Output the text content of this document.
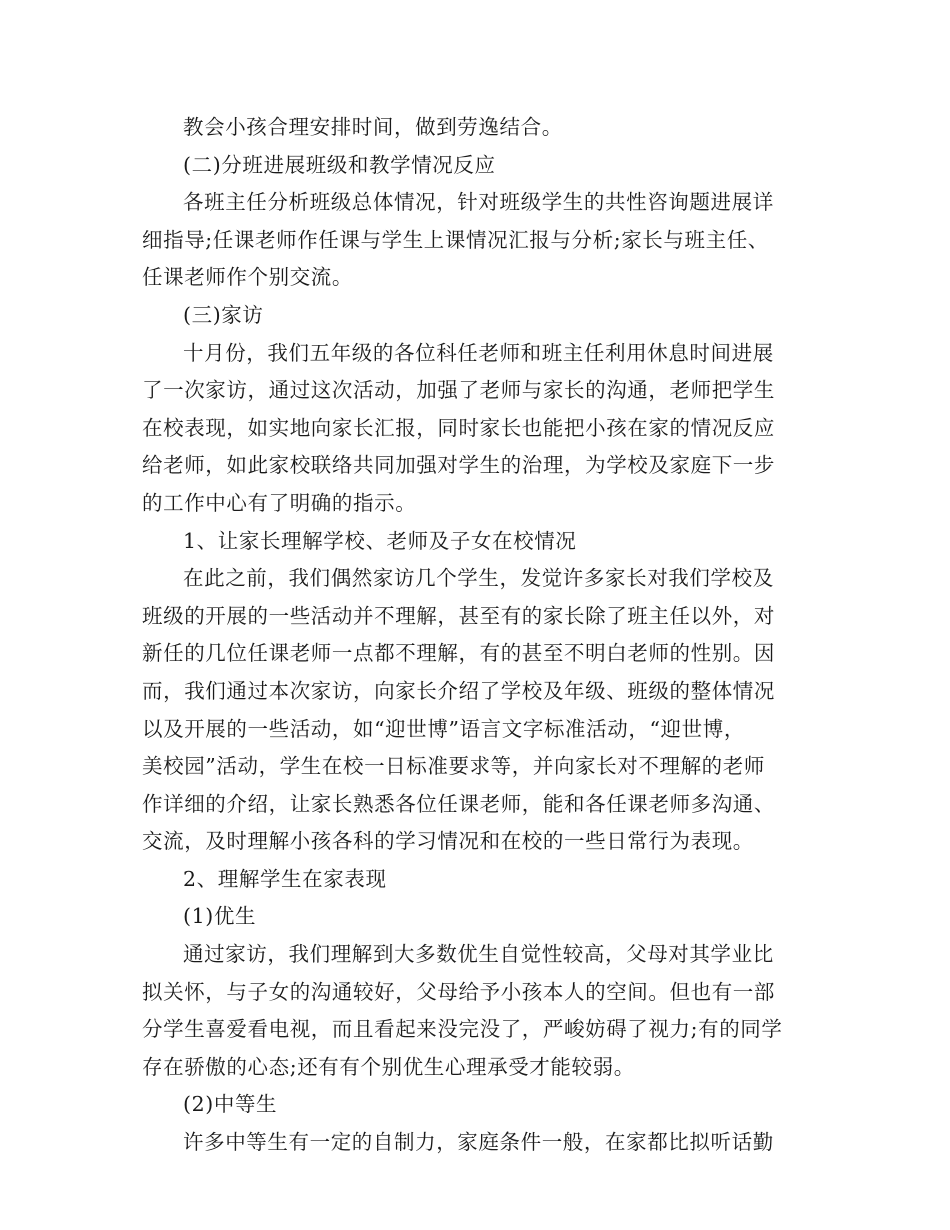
教会小孩合理安排时间，做到劳逸结合。
(二)分班进展班级和教学情况反应
各班主任分析班级总体情况，针对班级学生的共性咨询题进展详
细指导;任课老师作任课与学生上课情况汇报与分析;家长与班主任、
任课老师作个别交流。
(三)家访
十月份，我们五年级的各位科任老师和班主任利用休息时间进展
了一次家访，通过这次活动，加强了老师与家长的沟通，老师把学生
在校表现，如实地向家长汇报，同时家长也能把小孩在家的情况反应
给老师，如此家校联络共同加强对学生的治理，为学校及家庭下一步
的工作中心有了明确的指示。
1、让家长理解学校、老师及子女在校情况
在此之前，我们偶然家访几个学生，发觉许多家长对我们学校及
班级的开展的一些活动并不理解，甚至有的家长除了班主任以外，对
新任的几位任课老师一点都不理解，有的甚至不明白老师的性别。因
而，我们通过本次家访，向家长介绍了学校及年级、班级的整体情况
以及开展的一些活动，如“迎世博”语言文字标准活动，“迎世博，
美校园”活动，学生在校一日标准要求等，并向家长对不理解的老师
作详细的介绍，让家长熟悉各位任课老师，能和各任课老师多沟通、
交流，及时理解小孩各科的学习情况和在校的一些日常行为表现。
2、理解学生在家表现
(1)优生
通过家访，我们理解到大多数优生自觉性较高，父母对其学业比
拟关怀，与子女的沟通较好，父母给予小孩本人的空间。但也有一部
分学生喜爱看电视，而且看起来没完没了，严峻妨碍了视力;有的同学
存在骄傲的心态;还有有个别优生心理承受才能较弱。
(2)中等生
许多中等生有一定的自制力，家庭条件一般，在家都比拟听话勤
